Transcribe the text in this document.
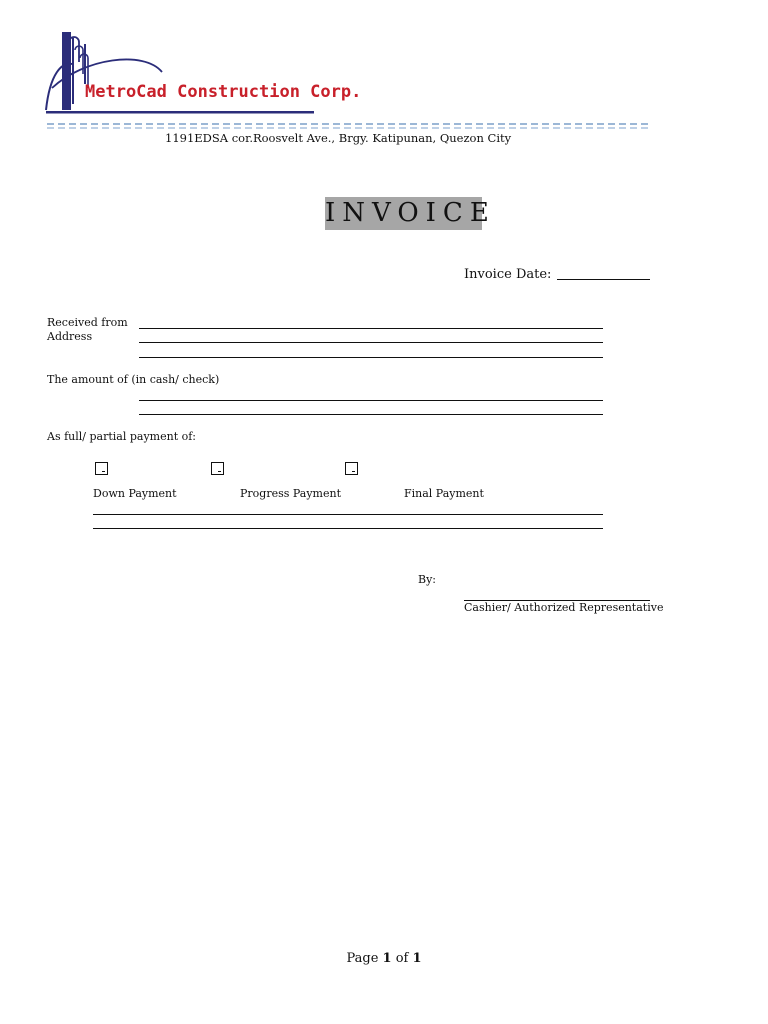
MetroCad Construction Corp.
1191EDSA cor.Roosvelt Ave., Brgy. Katipunan, Quezon City
INVOICE
Invoice Date:
Received from
Address
The amount of (in cash/ check)
As full/ partial payment of:
Down Payment	Progress Payment	Final Payment
By:
Cashier/ Authorized Representative
Page 1 of 1
